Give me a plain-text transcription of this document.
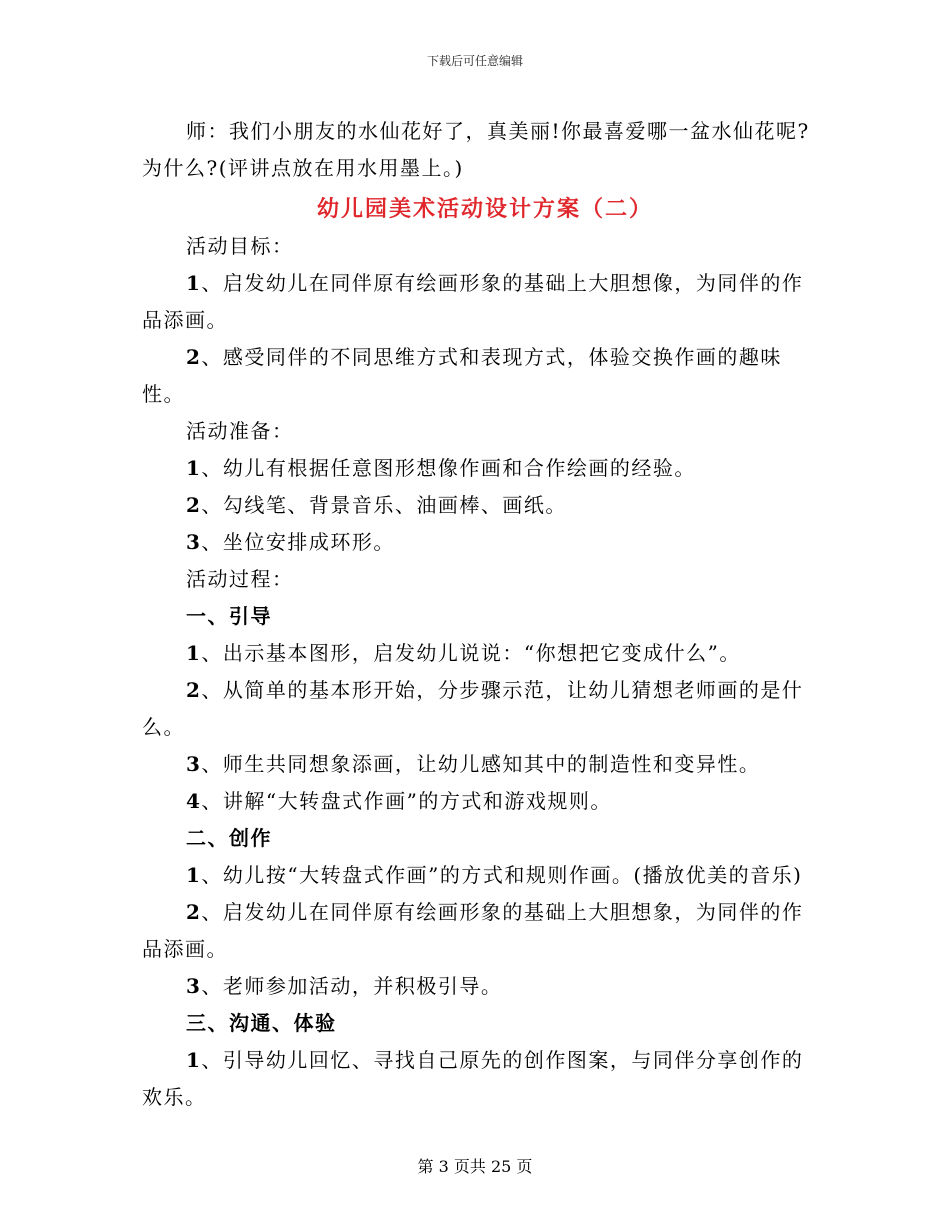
下载后可任意编辑

师：我们小朋友的水仙花好了，真美丽!你最喜爱哪一盆水仙花呢?为什么?(评讲点放在用水用墨上。)

幼儿园美术活动设计方案（二）

活动目标：

1、启发幼儿在同伴原有绘画形象的基础上大胆想像，为同伴的作品添画。

2、感受同伴的不同思维方式和表现方式，体验交换作画的趣味性。

活动准备：

1、幼儿有根据任意图形想像作画和合作绘画的经验。

2、勾线笔、背景音乐、油画棒、画纸。

3、坐位安排成环形。

活动过程：

一、引导

1、出示基本图形，启发幼儿说说：“你想把它变成什么”。

2、从简单的基本形开始，分步骤示范，让幼儿猜想老师画的是什么。

3、师生共同想象添画，让幼儿感知其中的制造性和变异性。

4、讲解“大转盘式作画”的方式和游戏规则。

二、创作

1、幼儿按“大转盘式作画”的方式和规则作画。(播放优美的音乐)

2、启发幼儿在同伴原有绘画形象的基础上大胆想象，为同伴的作品添画。

3、老师参加活动，并积极引导。

三、沟通、体验

1、引导幼儿回忆、寻找自己原先的创作图案，与同伴分享创作的欢乐。

第 3 页共 25 页
